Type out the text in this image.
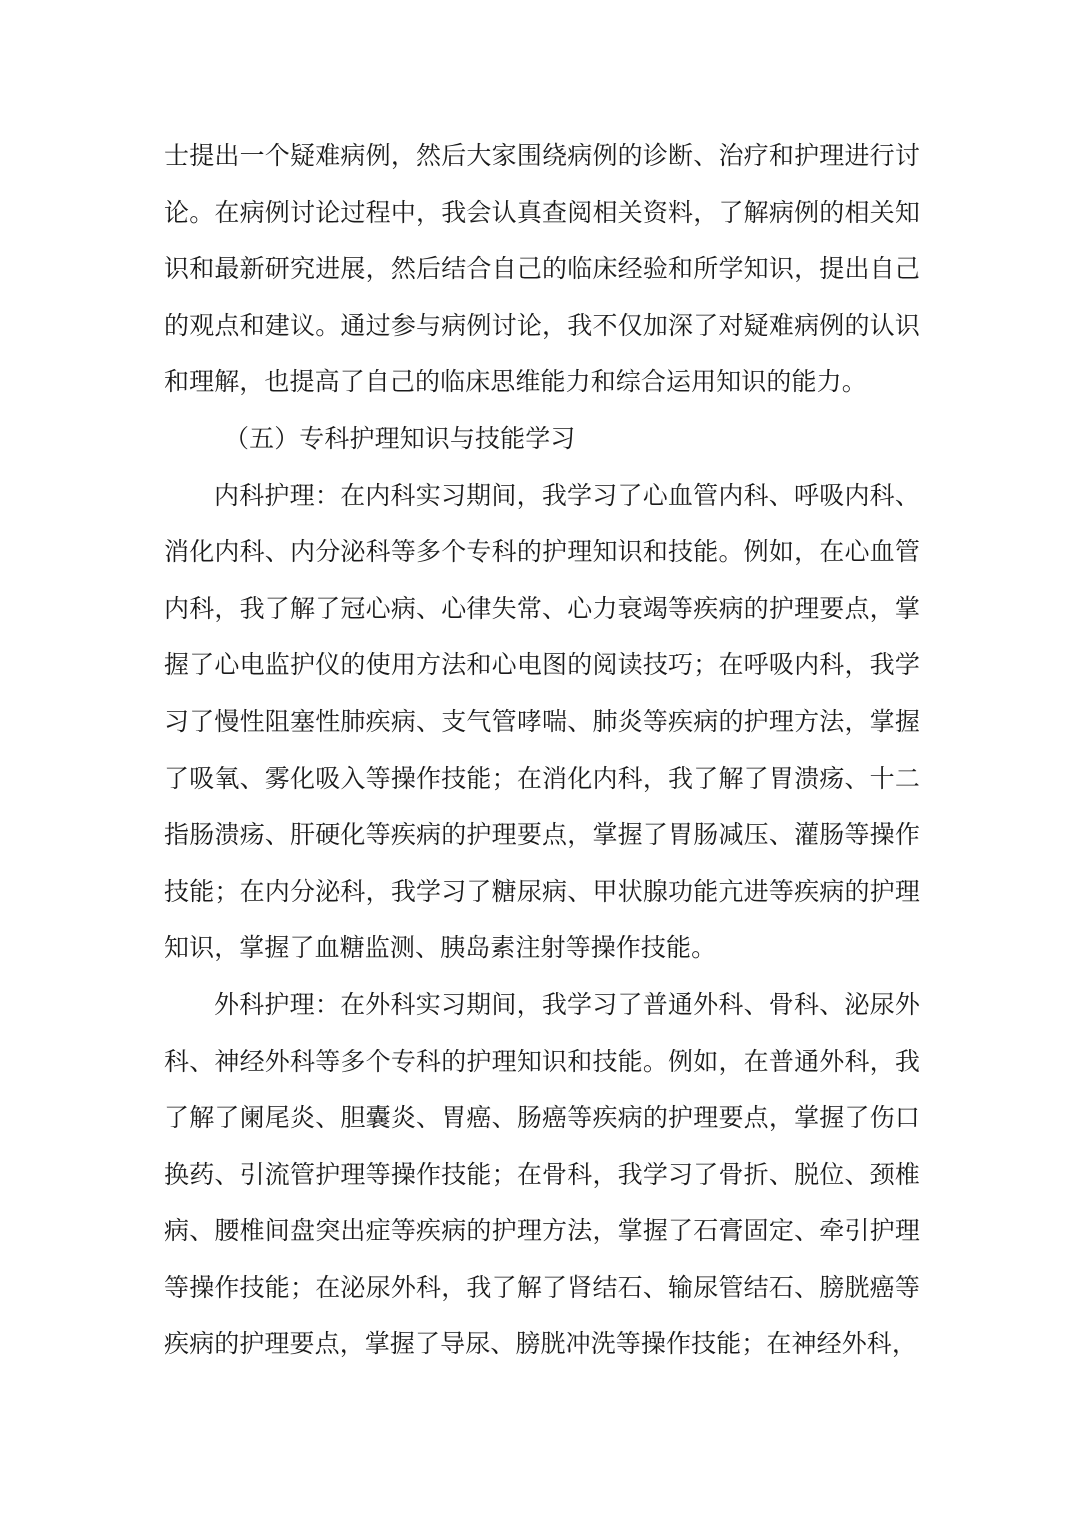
士提出一个疑难病例，然后大家围绕病例的诊断、治疗和护理进行讨论。在病例讨论过程中，我会认真查阅相关资料，了解病例的相关知识和最新研究进展，然后结合自己的临床经验和所学知识，提出自己的观点和建议。通过参与病例讨论，我不仅加深了对疑难病例的认识和理解，也提高了自己的临床思维能力和综合运用知识的能力。

（五）专科护理知识与技能学习

内科护理：在内科实习期间，我学习了心血管内科、呼吸内科、消化内科、内分泌科等多个专科的护理知识和技能。例如，在心血管内科，我了解了冠心病、心律失常、心力衰竭等疾病的护理要点，掌握了心电监护仪的使用方法和心电图的阅读技巧；在呼吸内科，我学习了慢性阻塞性肺疾病、支气管哮喘、肺炎等疾病的护理方法，掌握了吸氧、雾化吸入等操作技能；在消化内科，我了解了胃溃疡、十二指肠溃疡、肝硬化等疾病的护理要点，掌握了胃肠减压、灌肠等操作技能；在内分泌科，我学习了糖尿病、甲状腺功能亢进等疾病的护理知识，掌握了血糖监测、胰岛素注射等操作技能。

外科护理：在外科实习期间，我学习了普通外科、骨科、泌尿外科、神经外科等多个专科的护理知识和技能。例如，在普通外科，我了解了阑尾炎、胆囊炎、胃癌、肠癌等疾病的护理要点，掌握了伤口换药、引流管护理等操作技能；在骨科，我学习了骨折、脱位、颈椎病、腰椎间盘突出症等疾病的护理方法，掌握了石膏固定、牵引护理等操作技能；在泌尿外科，我了解了肾结石、输尿管结石、膀胱癌等疾病的护理要点，掌握了导尿、膀胱冲洗等操作技能；在神经外科，
